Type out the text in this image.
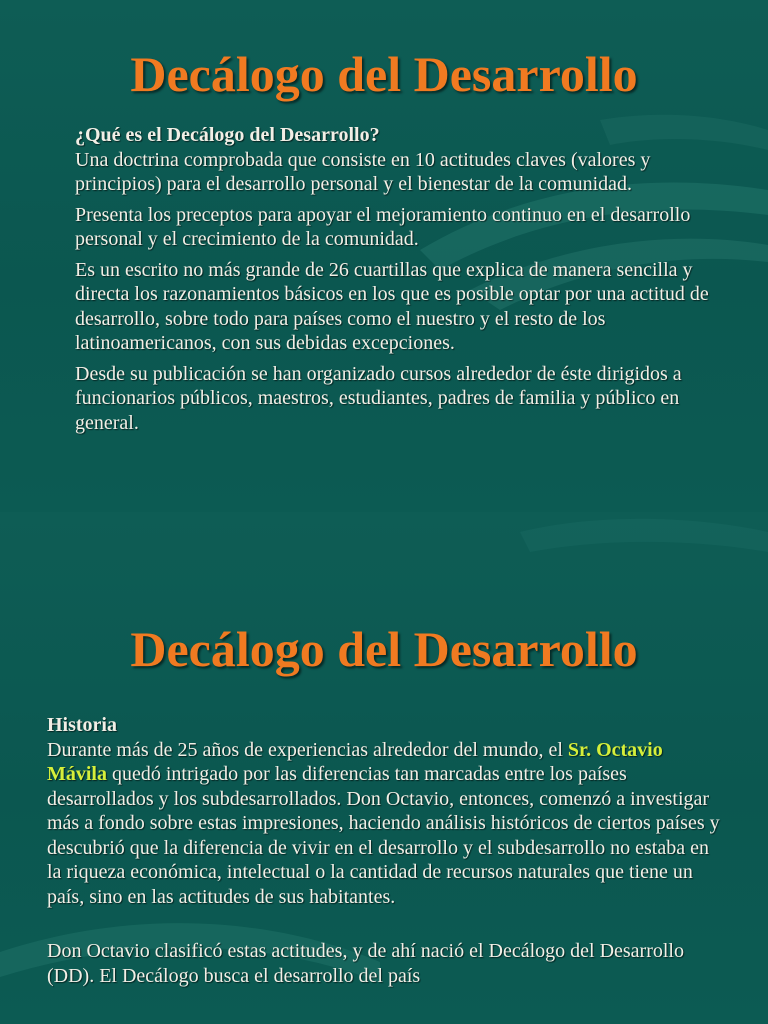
Decálogo del Desarrollo
¿Qué es el Decálogo del Desarrollo?

Una doctrina comprobada que consiste en 10 actitudes claves (valores y principios) para el desarrollo personal y el bienestar de la comunidad.

Presenta los preceptos para apoyar el mejoramiento continuo en el desarrollo personal y el crecimiento de la comunidad.

Es un escrito no más grande de 26 cuartillas que explica de manera sencilla y directa los razonamientos básicos en los que es posible optar por una actitud de desarrollo, sobre todo para países como el nuestro y el resto de los latinoamericanos, con sus debidas excepciones.

Desde su publicación se han organizado cursos alrededor de éste dirigidos a funcionarios públicos, maestros, estudiantes, padres de familia y público en general.

Decálogo del Desarrollo
Historia

Durante más de 25 años de experiencias alrededor del mundo, el Sr. Octavio Mávila quedó intrigado por las diferencias tan marcadas entre los países desarrollados y los subdesarrollados. Don Octavio, entonces, comenzó a investigar más a fondo sobre estas impresiones, haciendo análisis históricos de ciertos países y descubrió que la diferencia de vivir en el desarrollo y el subdesarrollo no estaba en la riqueza económica, intelectual o la cantidad de recursos naturales que tiene un país, sino en las actitudes de sus habitantes.

Don Octavio clasificó estas actitudes, y de ahí nació el Decálogo del Desarrollo (DD). El Decálogo busca el desarrollo del país
